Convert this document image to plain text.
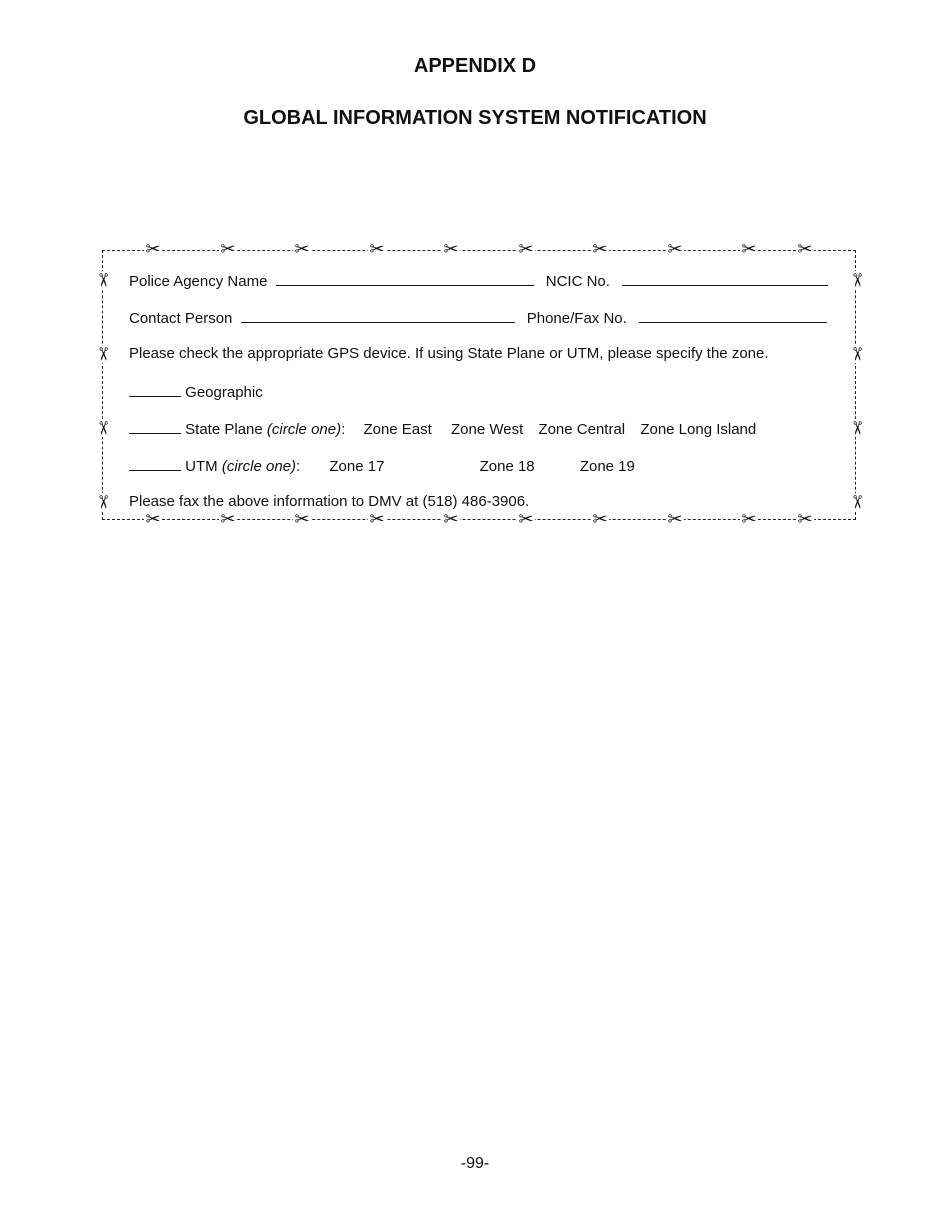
APPENDIX D
GLOBAL INFORMATION SYSTEM NOTIFICATION
✂	✂	✂	✂	✂	✂	✂	✂	✂ ✂
✂	✂	✂	✂	✂	✂	✂	✂	✂ ✂
✂
✂
✂
✂
✂
✂
✂
✂
Police Agency Name	NCIC No.
Contact Person	Phone/Fax No.
Please check the appropriate GPS device. If using State Plane or UTM, please specify the zone.
Geographic
State Plane (circle one): Zone East Zone West Zone Central Zone Long Island
UTM (circle one): Zone 17	Zone 18	Zone 19
Please fax the above information to DMV at (518) 486-3906.
-99-
